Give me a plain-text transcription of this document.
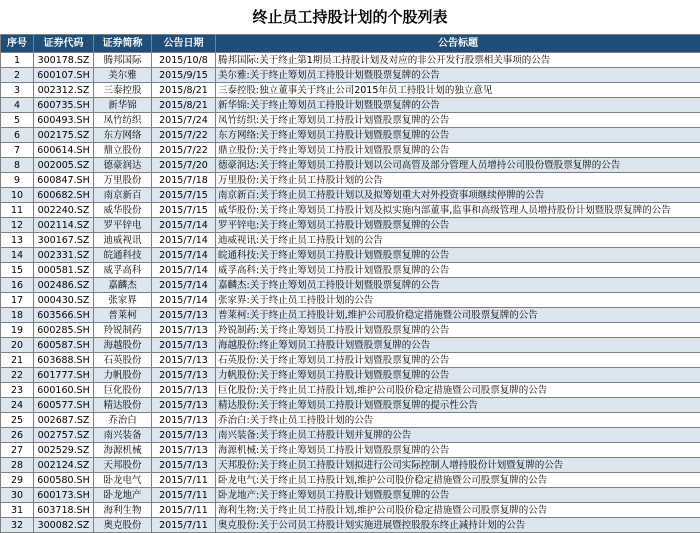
终止员工持股计划的个股列表
序号	证券代码	证券简称	公告日期	公告标题
1	300178.SZ	腾邦国际	2015/10/8	腾邦国际:关于终止第1期员工持股计划及对应的非公开发行股票相关事项的公告
2	600107.SH	美尔雅	2015/9/15	美尔雅:关于终止筹划员工持股计划暨股票复牌的公告
3	002312.SZ	三泰控股	2015/8/21	三泰控股:独立董事关于终止公司2015年员工持股计划的独立意见
4	600735.SH	新华锦	2015/8/21	新华锦:关于终止筹划员工持股计划暨股票复牌的公告
5	600493.SH	凤竹纺织	2015/7/24	凤竹纺织:关于终止筹划员工持股计划暨股票复牌的公告
6	002175.SZ	东方网络	2015/7/22	东方网络:关于终止筹划员工持股计划暨股票复牌的公告
7	600614.SH	鼎立股份	2015/7/22	鼎立股份:关于终止筹划员工持股计划暨股票复牌的公告
8	002005.SZ	德豪润达	2015/7/20	德豪润达:关于终止筹划员工持股计划以公司高管及部分管理人员增持公司股份暨股票复牌的公告
9	600847.SH	万里股份	2015/7/18	万里股份:关于终止员工持股计划的公告
10	600682.SH	南京新百	2015/7/15	南京新百:关于终止员工持股计划以及拟筹划重大对外投资事项继续停牌的公告
11	002240.SZ	威华股份	2015/7/15	威华股份:关于终止筹划员工持股计划及拟实施内部董事,监事和高级管理人员增持股份计划暨股票复牌的公告
12	002114.SZ	罗平锌电	2015/7/14	罗平锌电:关于终止筹划员工持股计划暨股票复牌的公告
13	300167.SZ	迪威视讯	2015/7/14	迪威视讯:关于终止员工持股计划的公告
14	002331.SZ	皖通科技	2015/7/14	皖通科技:关于终止筹划员工持股计划暨股票复牌的公告
15	000581.SZ	威孚高科	2015/7/14	威孚高科:关于终止筹划员工持股计划暨股票复牌的公告
16	002486.SZ	嘉麟杰	2015/7/14	嘉麟杰:关于终止筹划员工持股计划暨股票复牌的公告
17	000430.SZ	张家界	2015/7/14	张家界:关于终止员工持股计划的公告
18	603566.SH	普莱柯	2015/7/13	普莱柯:关于终止员工持股计划,维护公司股价稳定措施暨公司股票复牌的公告
19	600285.SH	羚锐制药	2015/7/13	羚锐制药:关于终止筹划员工持股计划暨股票复牌的公告
20	600587.SH	海越股份	2015/7/13	海越股份:终止筹划员工持股计划暨股票复牌的公告
21	603688.SH	石英股份	2015/7/13	石英股份:关于终止筹划员工持股计划暨股票复牌的公告
22	601777.SH	力帆股份	2015/7/13	力帆股份:关于终止筹划员工持股计划暨股票复牌的公告
23	600160.SH	巨化股份	2015/7/13	巨化股份:关于终止员工持股计划,维护公司股价稳定措施暨公司股票复牌的公告
24	600577.SH	精达股份	2015/7/13	精达股份:关于终止筹划员工持股计划暨股票复牌的提示性公告
25	002687.SZ	乔治白	2015/7/13	乔治白:关于终止员工持股计划的公告
26	002757.SZ	南兴装备	2015/7/13	南兴装备:关于终止员工持股计划并复牌的公告
27	002529.SZ	海源机械	2015/7/13	海源机械:关于终止筹划员工持股计划暨股票复牌的公告
28	002124.SZ	天邦股份	2015/7/13	天邦股份:关于终止员工持股计划拟进行公司实际控制人增持股份计划暨复牌的公告
29	600580.SH	卧龙电气	2015/7/11	卧龙电气:关于终止员工持股计划,维护公司股价稳定措施暨公司股票复牌的公告
30	600173.SH	卧龙地产	2015/7/11	卧龙地产:关于终止筹划员工持股计划暨股票复牌的公告
31	603718.SH	海利生物	2015/7/11	海利生物:关于终止员工持股计划,维护公司股价稳定措施暨公司股票复牌的公告
32	300082.SZ	奥克股份	2015/7/11	奥克股份:关于公司员工持股计划实施进展暨控股股东终止减持计划的公告
